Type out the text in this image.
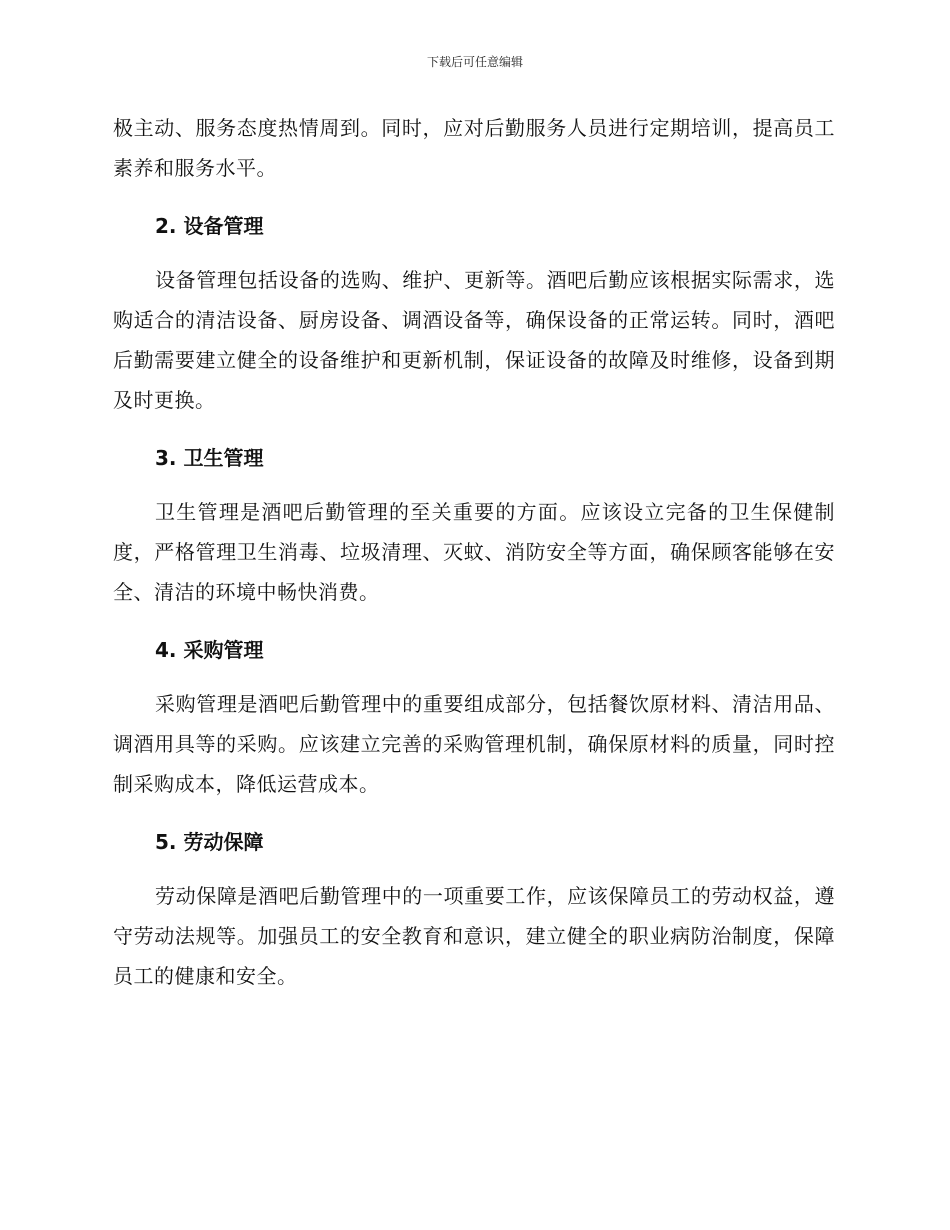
下载后可任意编辑

极主动、服务态度热情周到。同时，应对后勤服务人员进行定期培训，提高员工素养和服务水平。

2. 设备管理

设备管理包括设备的选购、维护、更新等。酒吧后勤应该根据实际需求，选购适合的清洁设备、厨房设备、调酒设备等，确保设备的正常运转。同时，酒吧后勤需要建立健全的设备维护和更新机制，保证设备的故障及时维修，设备到期及时更换。

3. 卫生管理

卫生管理是酒吧后勤管理的至关重要的方面。应该设立完备的卫生保健制度，严格管理卫生消毒、垃圾清理、灭蚊、消防安全等方面，确保顾客能够在安全、清洁的环境中畅快消费。

4. 采购管理

采购管理是酒吧后勤管理中的重要组成部分，包括餐饮原材料、清洁用品、调酒用具等的采购。应该建立完善的采购管理机制，确保原材料的质量，同时控制采购成本，降低运营成本。

5. 劳动保障

劳动保障是酒吧后勤管理中的一项重要工作，应该保障员工的劳动权益，遵守劳动法规等。加强员工的安全教育和意识，建立健全的职业病防治制度，保障员工的健康和安全。
